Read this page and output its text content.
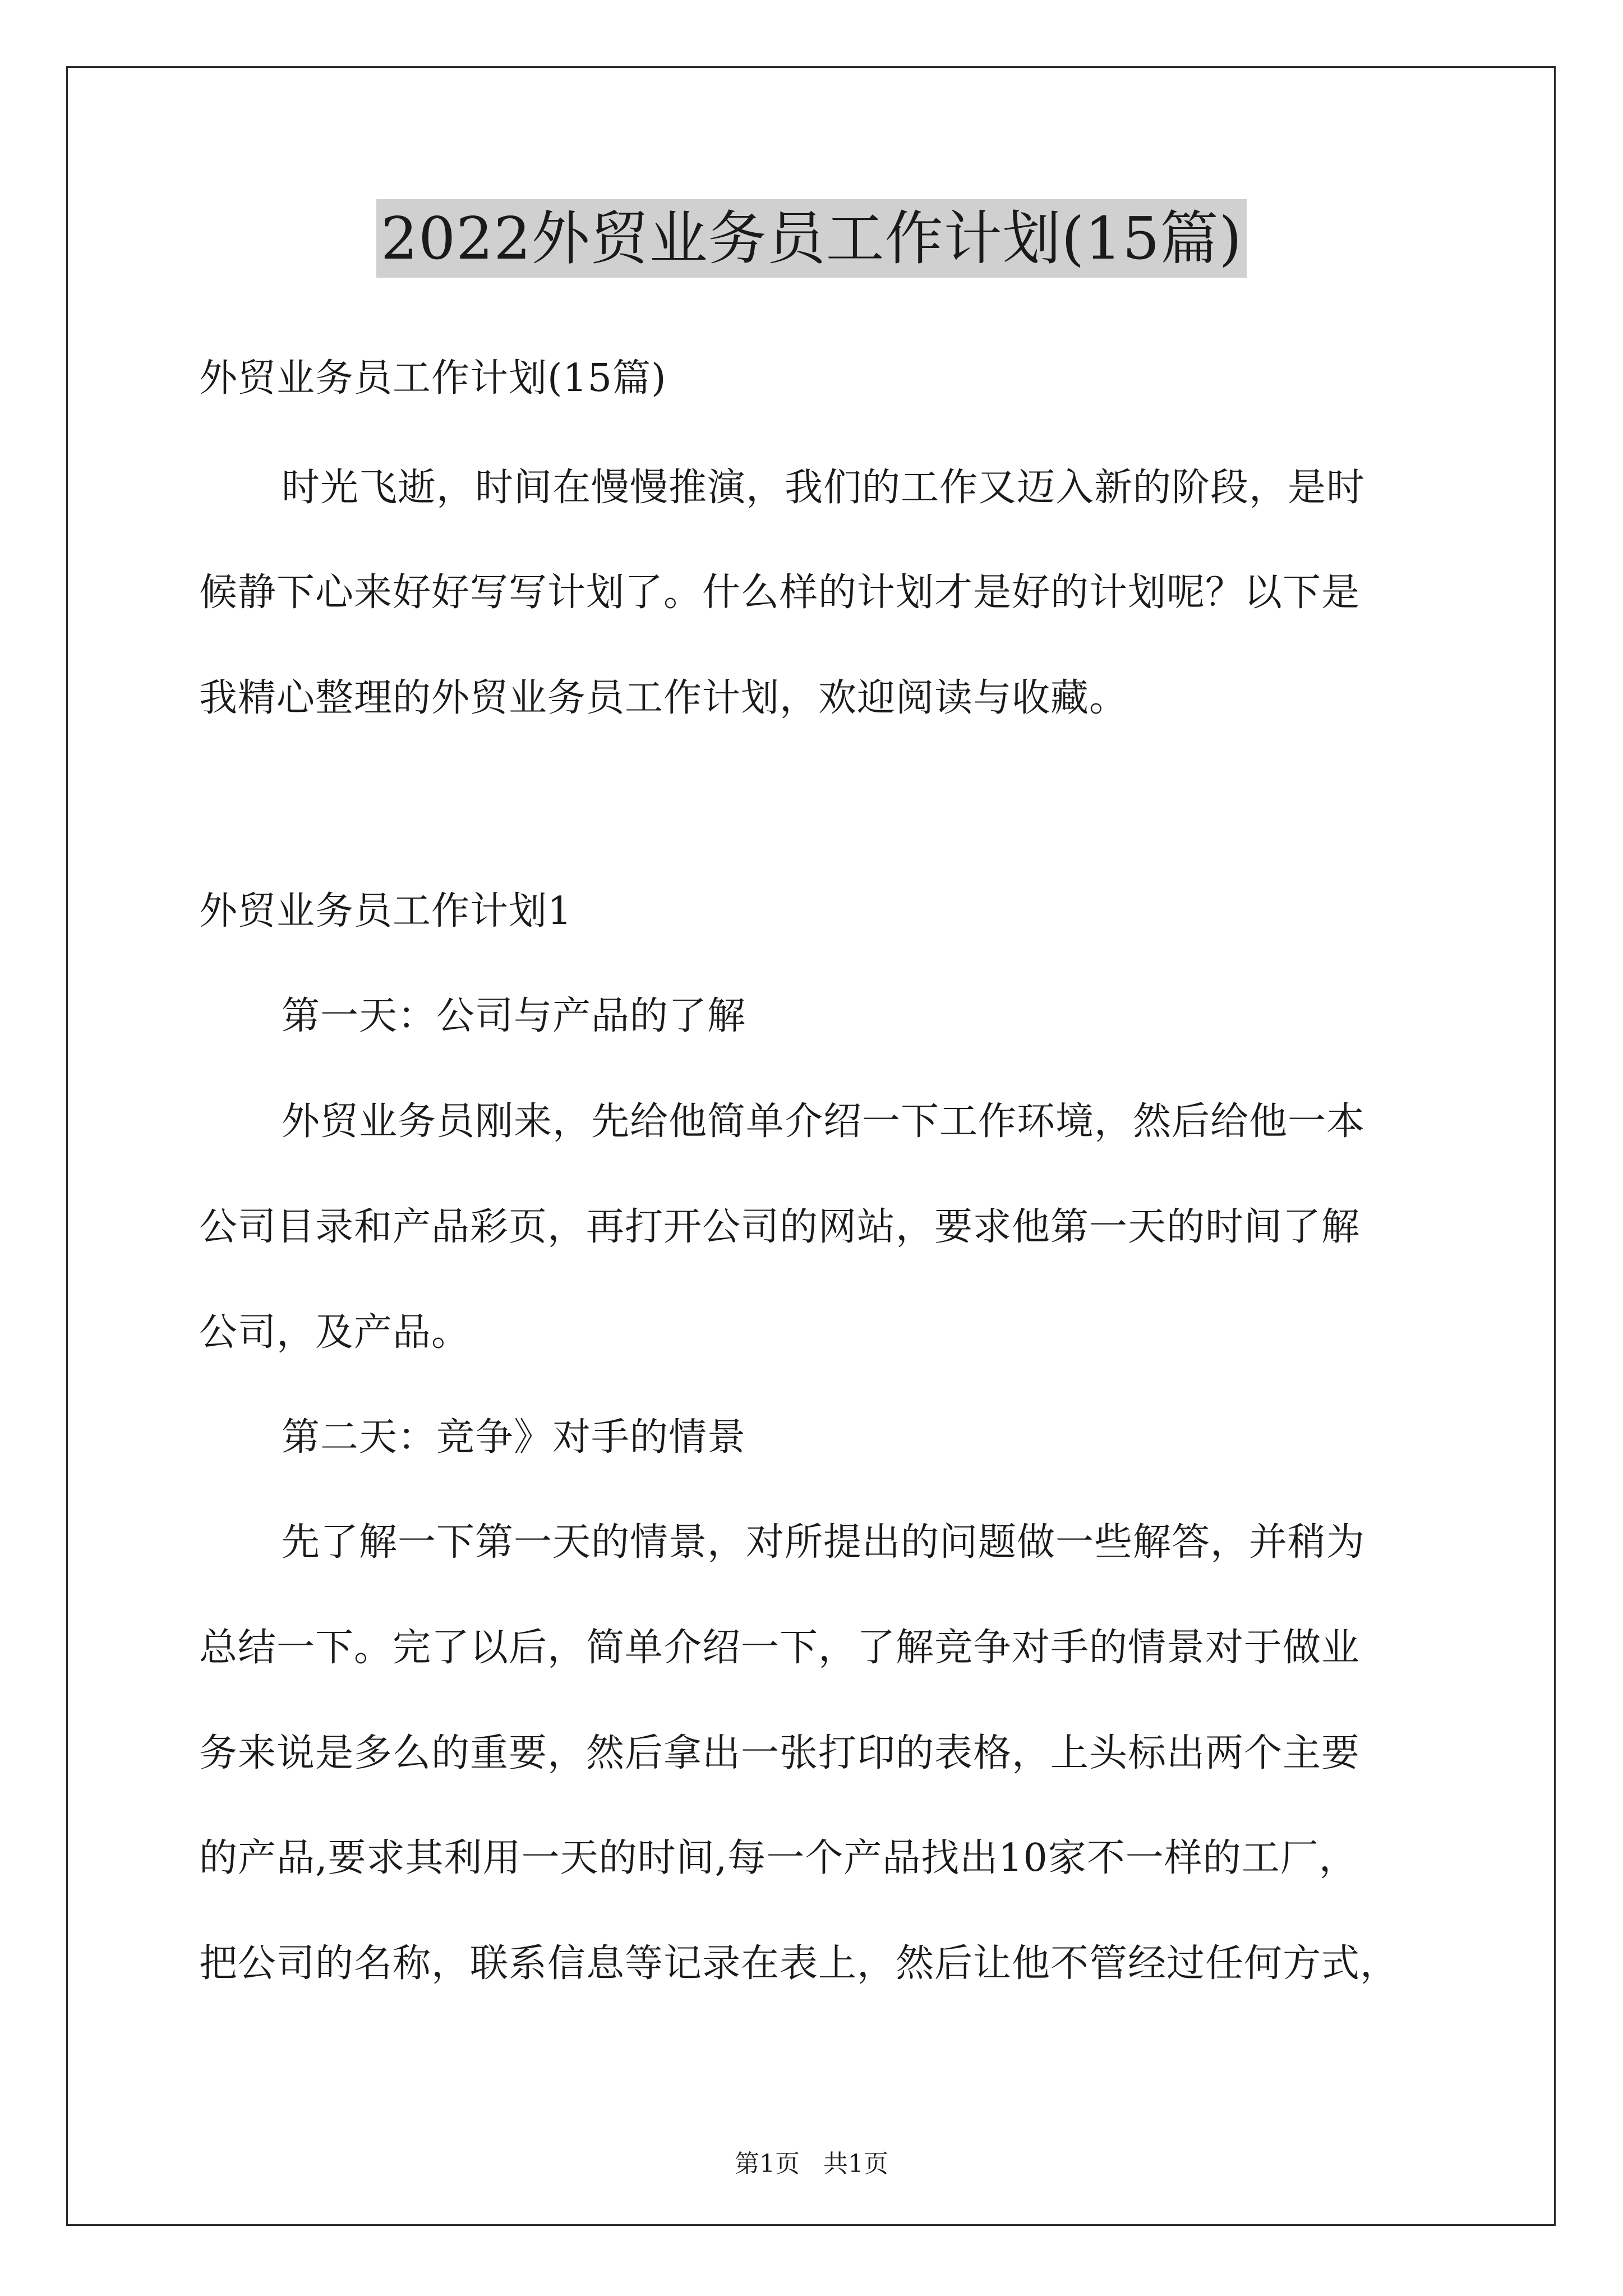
2022外贸业务员工作计划(15篇)
外贸业务员工作计划(15篇)
时光飞逝，时间在慢慢推演，我们的工作又迈入新的阶段，是时
候静下心来好好写写计划了。什么样的计划才是好的计划呢？以下是
我精心整理的外贸业务员工作计划，欢迎阅读与收藏。
外贸业务员工作计划1
第一天：公司与产品的了解
外贸业务员刚来，先给他简单介绍一下工作环境，然后给他一本
公司目录和产品彩页，再打开公司的网站，要求他第一天的时间了解
公司，及产品。
第二天：竞争》对手的情景
先了解一下第一天的情景，对所提出的问题做一些解答，并稍为
总结一下。完了以后，简单介绍一下，了解竞争对手的情景对于做业
务来说是多么的重要，然后拿出一张打印的表格，上头标出两个主要
的产品,要求其利用一天的时间,每一个产品找出10家不一样的工厂，
把公司的名称，联系信息等记录在表上，然后让他不管经过任何方式，
第1页   共1页
